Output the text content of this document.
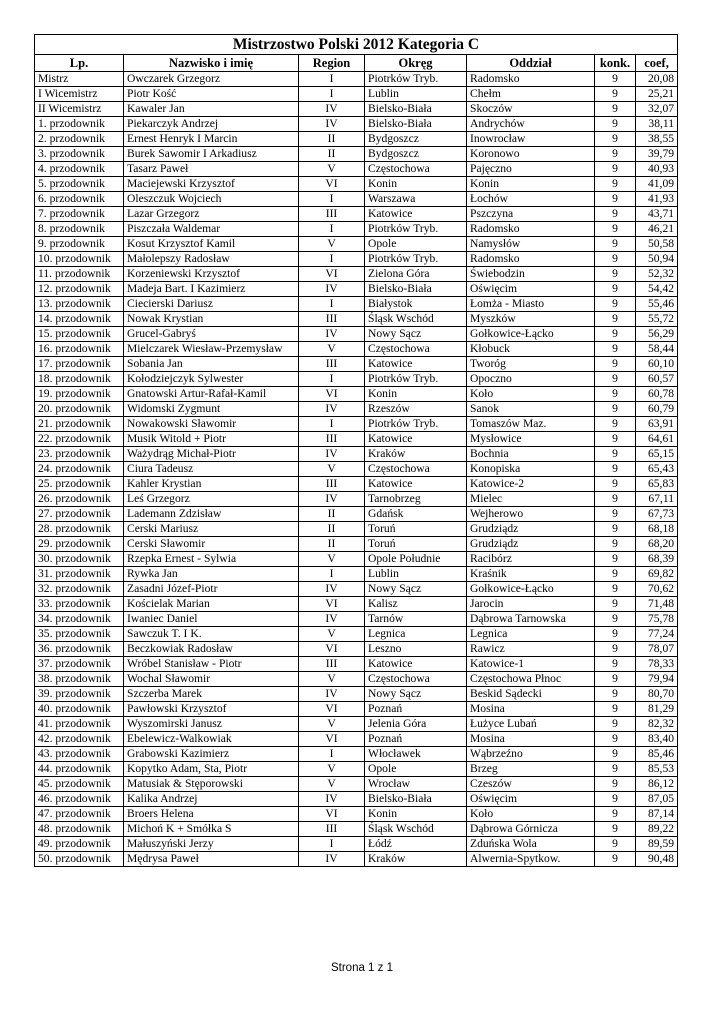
Mistrzostwo Polski 2012 Kategoria C						
Lp.	Nazwisko i imię	Region	Okręg	Oddział	konk.	coef,
Mistrz	Owczarek Grzegorz	I	Piotrków Tryb.	Radomsko	9	20,08
I Wicemistrz	Piotr Kość	I	Lublin	Chełm	9	25,21
II Wicemistrz	Kawaler Jan	IV	Bielsko-Biała	Skoczów	9	32,07
1. przodownik	Piekarczyk Andrzej	IV	Bielsko-Biała	Andrychów	9	38,11
2. przodownik	Ernest Henryk I Marcin	II	Bydgoszcz	Inowrocław	9	38,55
3. przodownik	Burek Sawomir I Arkadiusz	II	Bydgoszcz	Koronowo	9	39,79
4. przodownik	Tasarz Paweł	V	Częstochowa	Pajęczno	9	40,93
5. przodownik	Maciejewski Krzysztof	VI	Konin	Konin	9	41,09
6. przodownik	Oleszczuk Wojciech	I	Warszawa	Łochów	9	41,93
7. przodownik	Lazar Grzegorz	III	Katowice	Pszczyna	9	43,71
8. przodownik	Piszczała Waldemar	I	Piotrków Tryb.	Radomsko	9	46,21
9. przodownik	Kosut Krzysztof Kamil	V	Opole	Namysłów	9	50,58
10. przodownik	Małolepszy Radosław	I	Piotrków Tryb.	Radomsko	9	50,94
11. przodownik	Korzeniewski Krzysztof	VI	Zielona Góra	Świebodzin	9	52,32
12. przodownik	Madeja Bart. I Kazimierz	IV	Bielsko-Biała	Oświęcim	9	54,42
13. przodownik	Ciecierski Dariusz	I	Białystok	Łomża - Miasto	9	55,46
14. przodownik	Nowak Krystian	III	Śląsk Wschód	Myszków	9	55,72
15. przodownik	Grucel-Gabryś	IV	Nowy Sącz	Gołkowice-Łącko	9	56,29
16. przodownik	Mielczarek Wiesław-Przemysław	V	Częstochowa	Kłobuck	9	58,44
17. przodownik	Sobania Jan	III	Katowice	Tworóg	9	60,10
18. przodownik	Kołodziejczyk Sylwester	I	Piotrków Tryb.	Opoczno	9	60,57
19. przodownik	Gnatowski Artur-Rafał-Kamil	VI	Konin	Koło	9	60,78
20. przodownik	Widomski Zygmunt	IV	Rzeszów	Sanok	9	60,79
21. przodownik	Nowakowski Sławomir	I	Piotrków Tryb.	Tomaszów Maz.	9	63,91
22. przodownik	Musik Witold + Piotr	III	Katowice	Mysłowice	9	64,61
23. przodownik	Ważydrąg Michał-Piotr	IV	Kraków	Bochnia	9	65,15
24. przodownik	Ciura Tadeusz	V	Częstochowa	Konopiska	9	65,43
25. przodownik	Kahler Krystian	III	Katowice	Katowice-2	9	65,83
26. przodownik	Leś Grzegorz	IV	Tarnobrzeg	Mielec	9	67,11
27. przodownik	Lademann Zdzisław	II	Gdańsk	Wejherowo	9	67,73
28. przodownik	Cerski Mariusz	II	Toruń	Grudziądz	9	68,18
29. przodownik	Cerski Sławomir	II	Toruń	Grudziądz	9	68,20
30. przodownik	Rzepka Ernest - Sylwia	V	Opole Południe	Racibórz	9	68,39
31. przodownik	Rywka Jan	I	Lublin	Kraśnik	9	69,82
32. przodownik	Zasadni Józef-Piotr	IV	Nowy Sącz	Gołkowice-Łącko	9	70,62
33. przodownik	Kościelak Marian	VI	Kalisz	Jarocin	9	71,48
34. przodownik	Iwaniec Daniel	IV	Tarnów	Dąbrowa Tarnowska	9	75,78
35. przodownik	Sawczuk T. I K.	V	Legnica	Legnica	9	77,24
36. przodownik	Beczkowiak Radosław	VI	Leszno	Rawicz	9	78,07
37. przodownik	Wróbel Stanisław - Piotr	III	Katowice	Katowice-1	9	78,33
38. przodownik	Wochal Sławomir	V	Częstochowa	Częstochowa Płnoc	9	79,94
39. przodownik	Szczerba Marek	IV	Nowy Sącz	Beskid Sądecki	9	80,70
40. przodownik	Pawłowski Krzysztof	VI	Poznań	Mosina	9	81,29
41. przodownik	Wyszomirski Janusz	V	Jelenia Góra	Łużyce Lubań	9	82,32
42. przodownik	Ebelewicz-Walkowiak	VI	Poznań	Mosina	9	83,40
43. przodownik	Grabowski Kazimierz	I	Włocławek	Wąbrzeźno	9	85,46
44. przodownik	Kopytko Adam, Sta, Piotr	V	Opole	Brzeg	9	85,53
45. przodownik	Matusiak & Stęporowski	V	Wrocław	Czeszów	9	86,12
46. przodownik	Kalika Andrzej	IV	Bielsko-Biała	Oświęcim	9	87,05
47. przodownik	Broers Helena	VI	Konin	Koło	9	87,14
48. przodownik	Michoń K + Smółka S	III	Śląsk Wschód	Dąbrowa Górnicza	9	89,22
49. przodownik	Małuszyński Jerzy	I	Łódź	Zduńska Wola	9	89,59
50. przodownik	Mędrysa Paweł	IV	Kraków	Alwernia-Spytkow.	9	90,48
Strona 1 z 1
